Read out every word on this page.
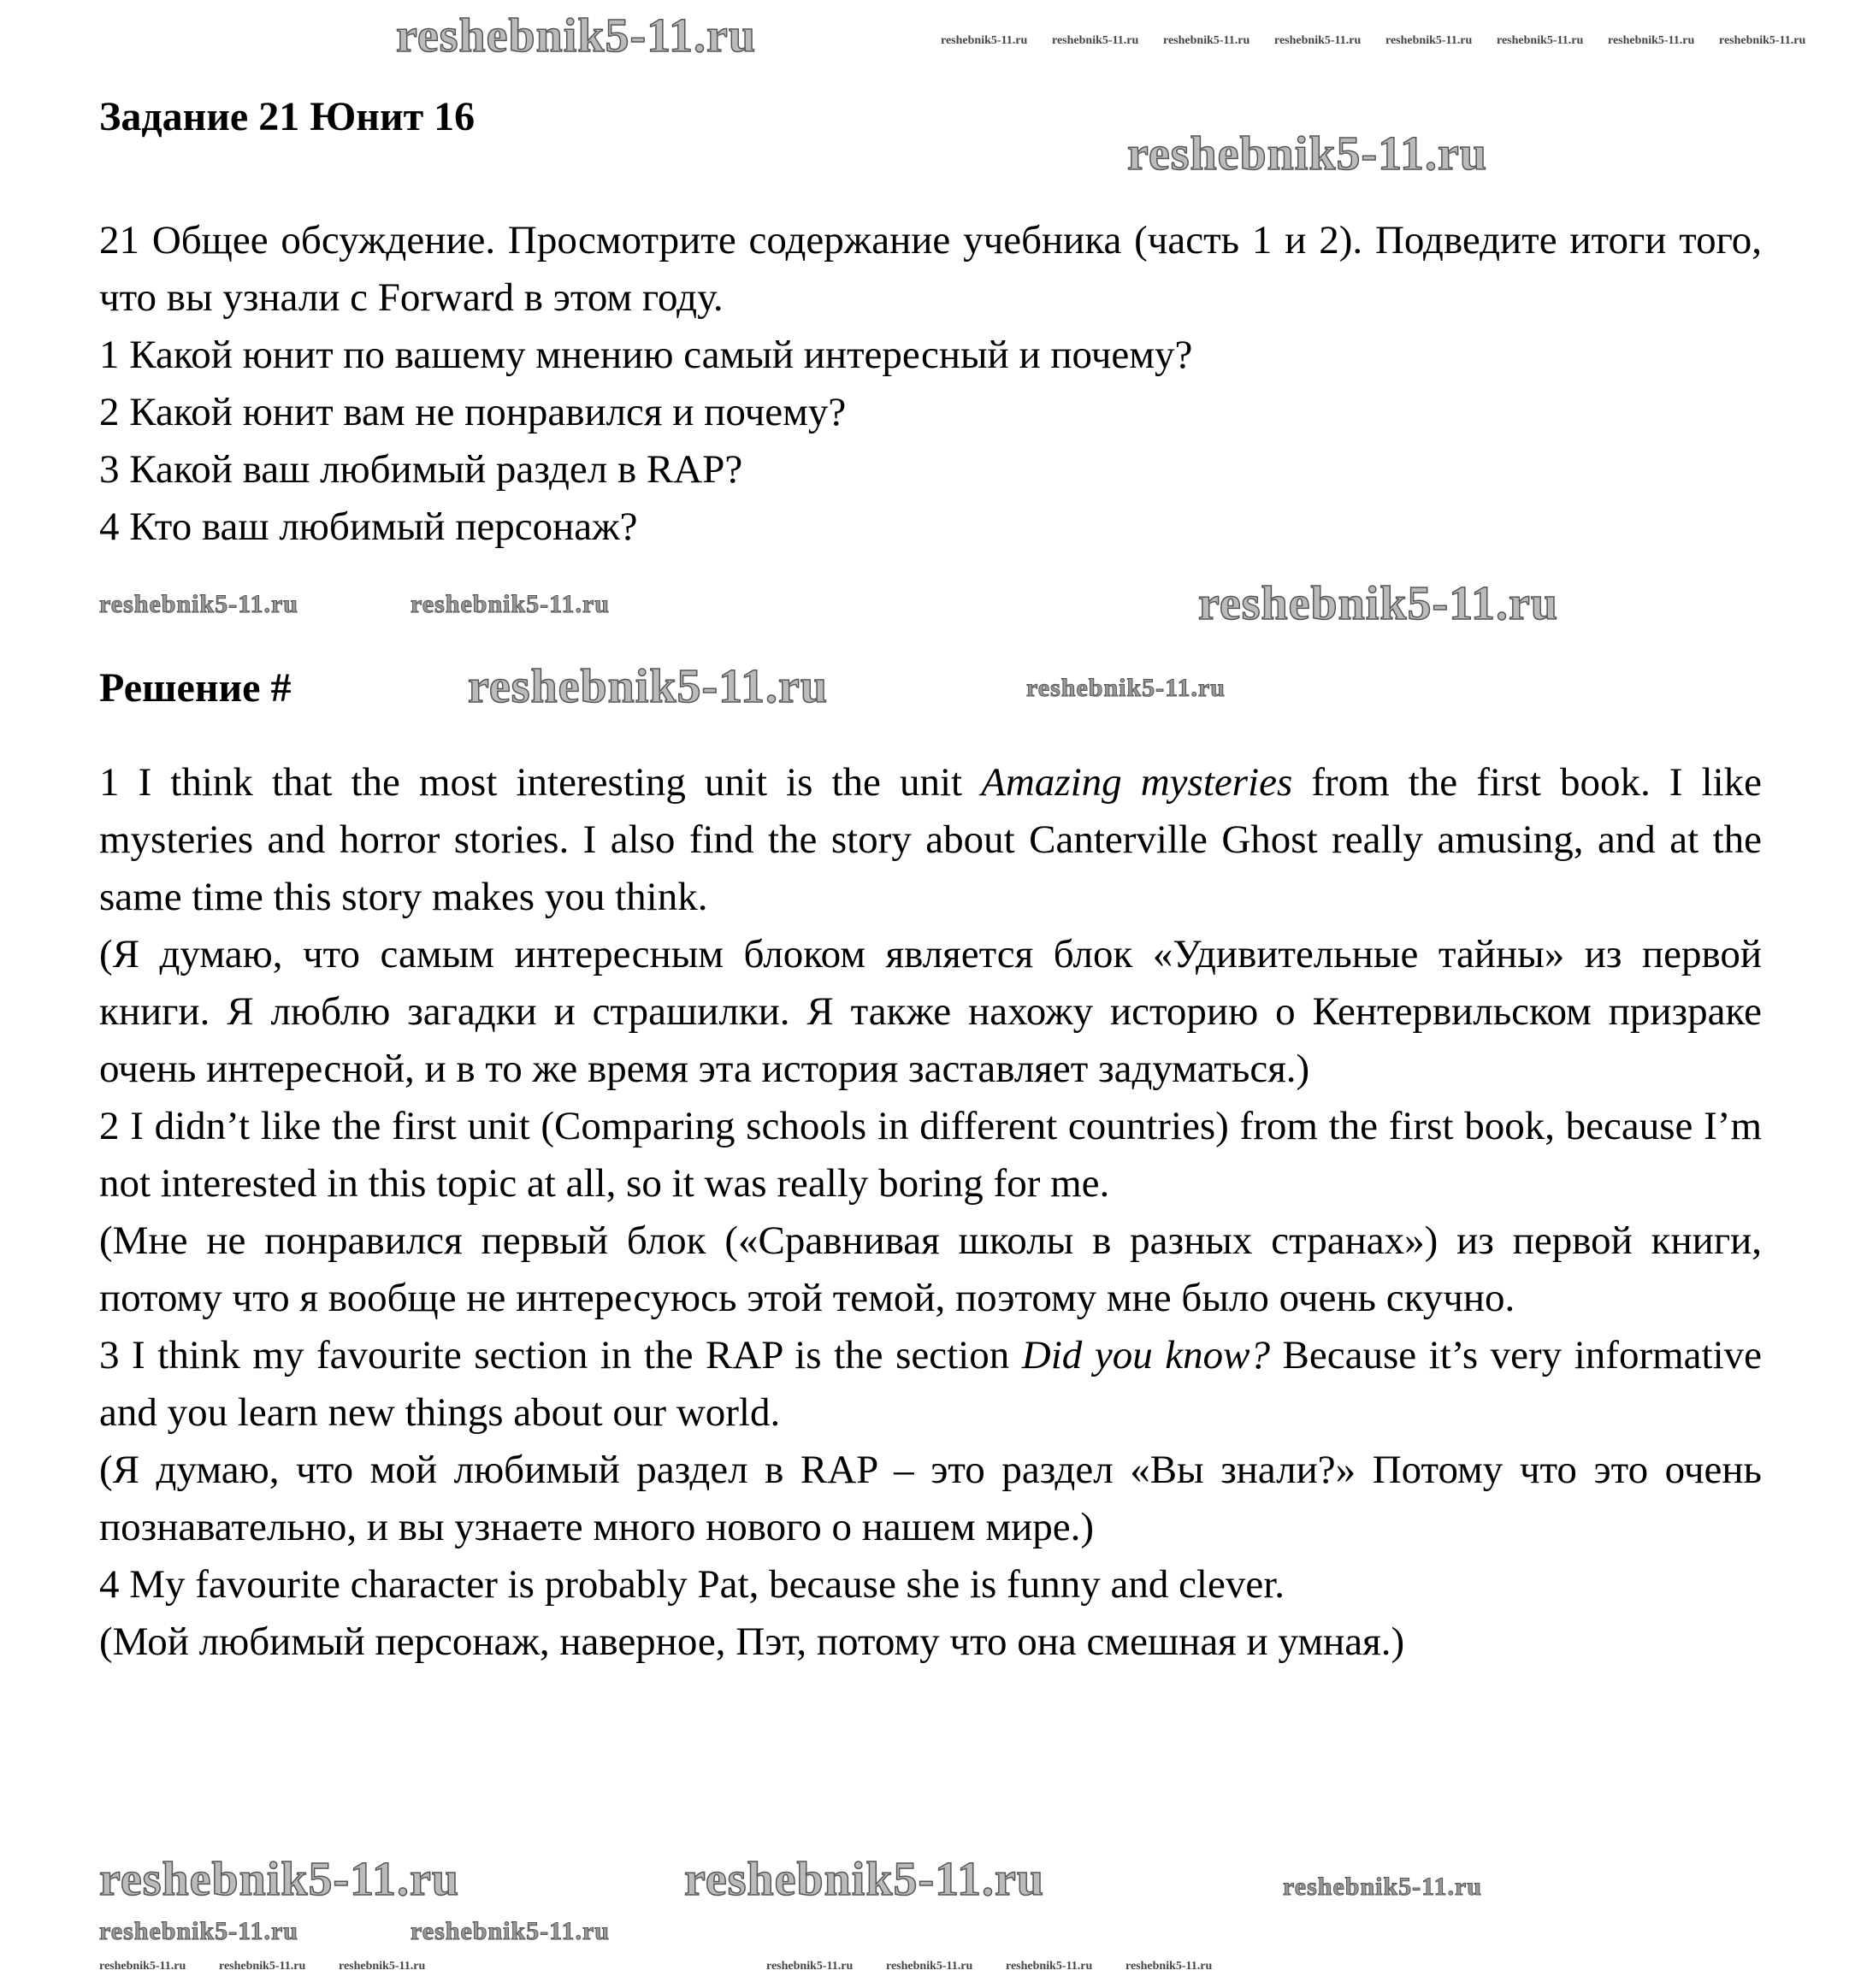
Задание 21 Юнит 16

21 Общее обсуждение. Просмотрите содержание учебника (часть 1 и 2). Подведите итоги того, что вы узнали с Forward в этом году.

1 Какой юнит по вашему мнению самый интересный и почему?

2 Какой юнит вам не понравился и почему?

3 Какой ваш любимый раздел в RAP?

4 Кто ваш любимый персонаж?

Решение #

1 I think that the most interesting unit is the unit Amazing mysteries from the first book. I like mysteries and horror stories. I also find the story about Canterville Ghost really amusing, and at the same time this story makes you think.

(Я думаю, что самым интересным блоком является блок «Удивительные тайны» из первой книги. Я люблю загадки и страшилки. Я также нахожу историю о Кентервильском призраке очень интересной, и в то же время эта история заставляет задуматься.)

2 I didn’t like the first unit (Comparing schools in different countries) from the first book, because I’m not interested in this topic at all, so it was really boring for me.

(Мне не понравился первый блок («Сравнивая школы в разных странах») из первой книги, потому что я вообще не интересуюсь этой темой, поэтому мне было очень скучно.

3 I think my favourite section in the RAP is the section Did you know? Because it’s very informative and you learn new things about our world.

(Я думаю, что мой любимый раздел в RAP – это раздел «Вы знали?» Потому что это очень познавательно, и вы узнаете много нового о нашем мире.)

4 My favourite character is probably Pat, because she is funny and clever.

(Мой любимый персонаж, наверное, Пэт, потому что она смешная и умная.)

reshebnik5-11.ru
reshebnik5-11.ru
reshebnik5-11.ru
reshebnik5-11.ru
reshebnik5-11.ru	reshebnik5-11.ru
reshebnik5-11.ru	reshebnik5-11.ru
reshebnik5-11.ru
reshebnik5-11.ru	reshebnik5-11.ru
reshebnik5-11.ru
reshebnik5-11.ru reshebnik5-11.ru reshebnik5-11.ru reshebnik5-11.ru reshebnik5-11.ru reshebnik5-11.ru reshebnik5-11.ru reshebnik5-11.ru
reshebnik5-11.ru	reshebnik5-11.ru	reshebnik5-11.ru	reshebnik5-11.ru	reshebnik5-11.ru	reshebnik5-11.ru	reshebnik5-11.ru
